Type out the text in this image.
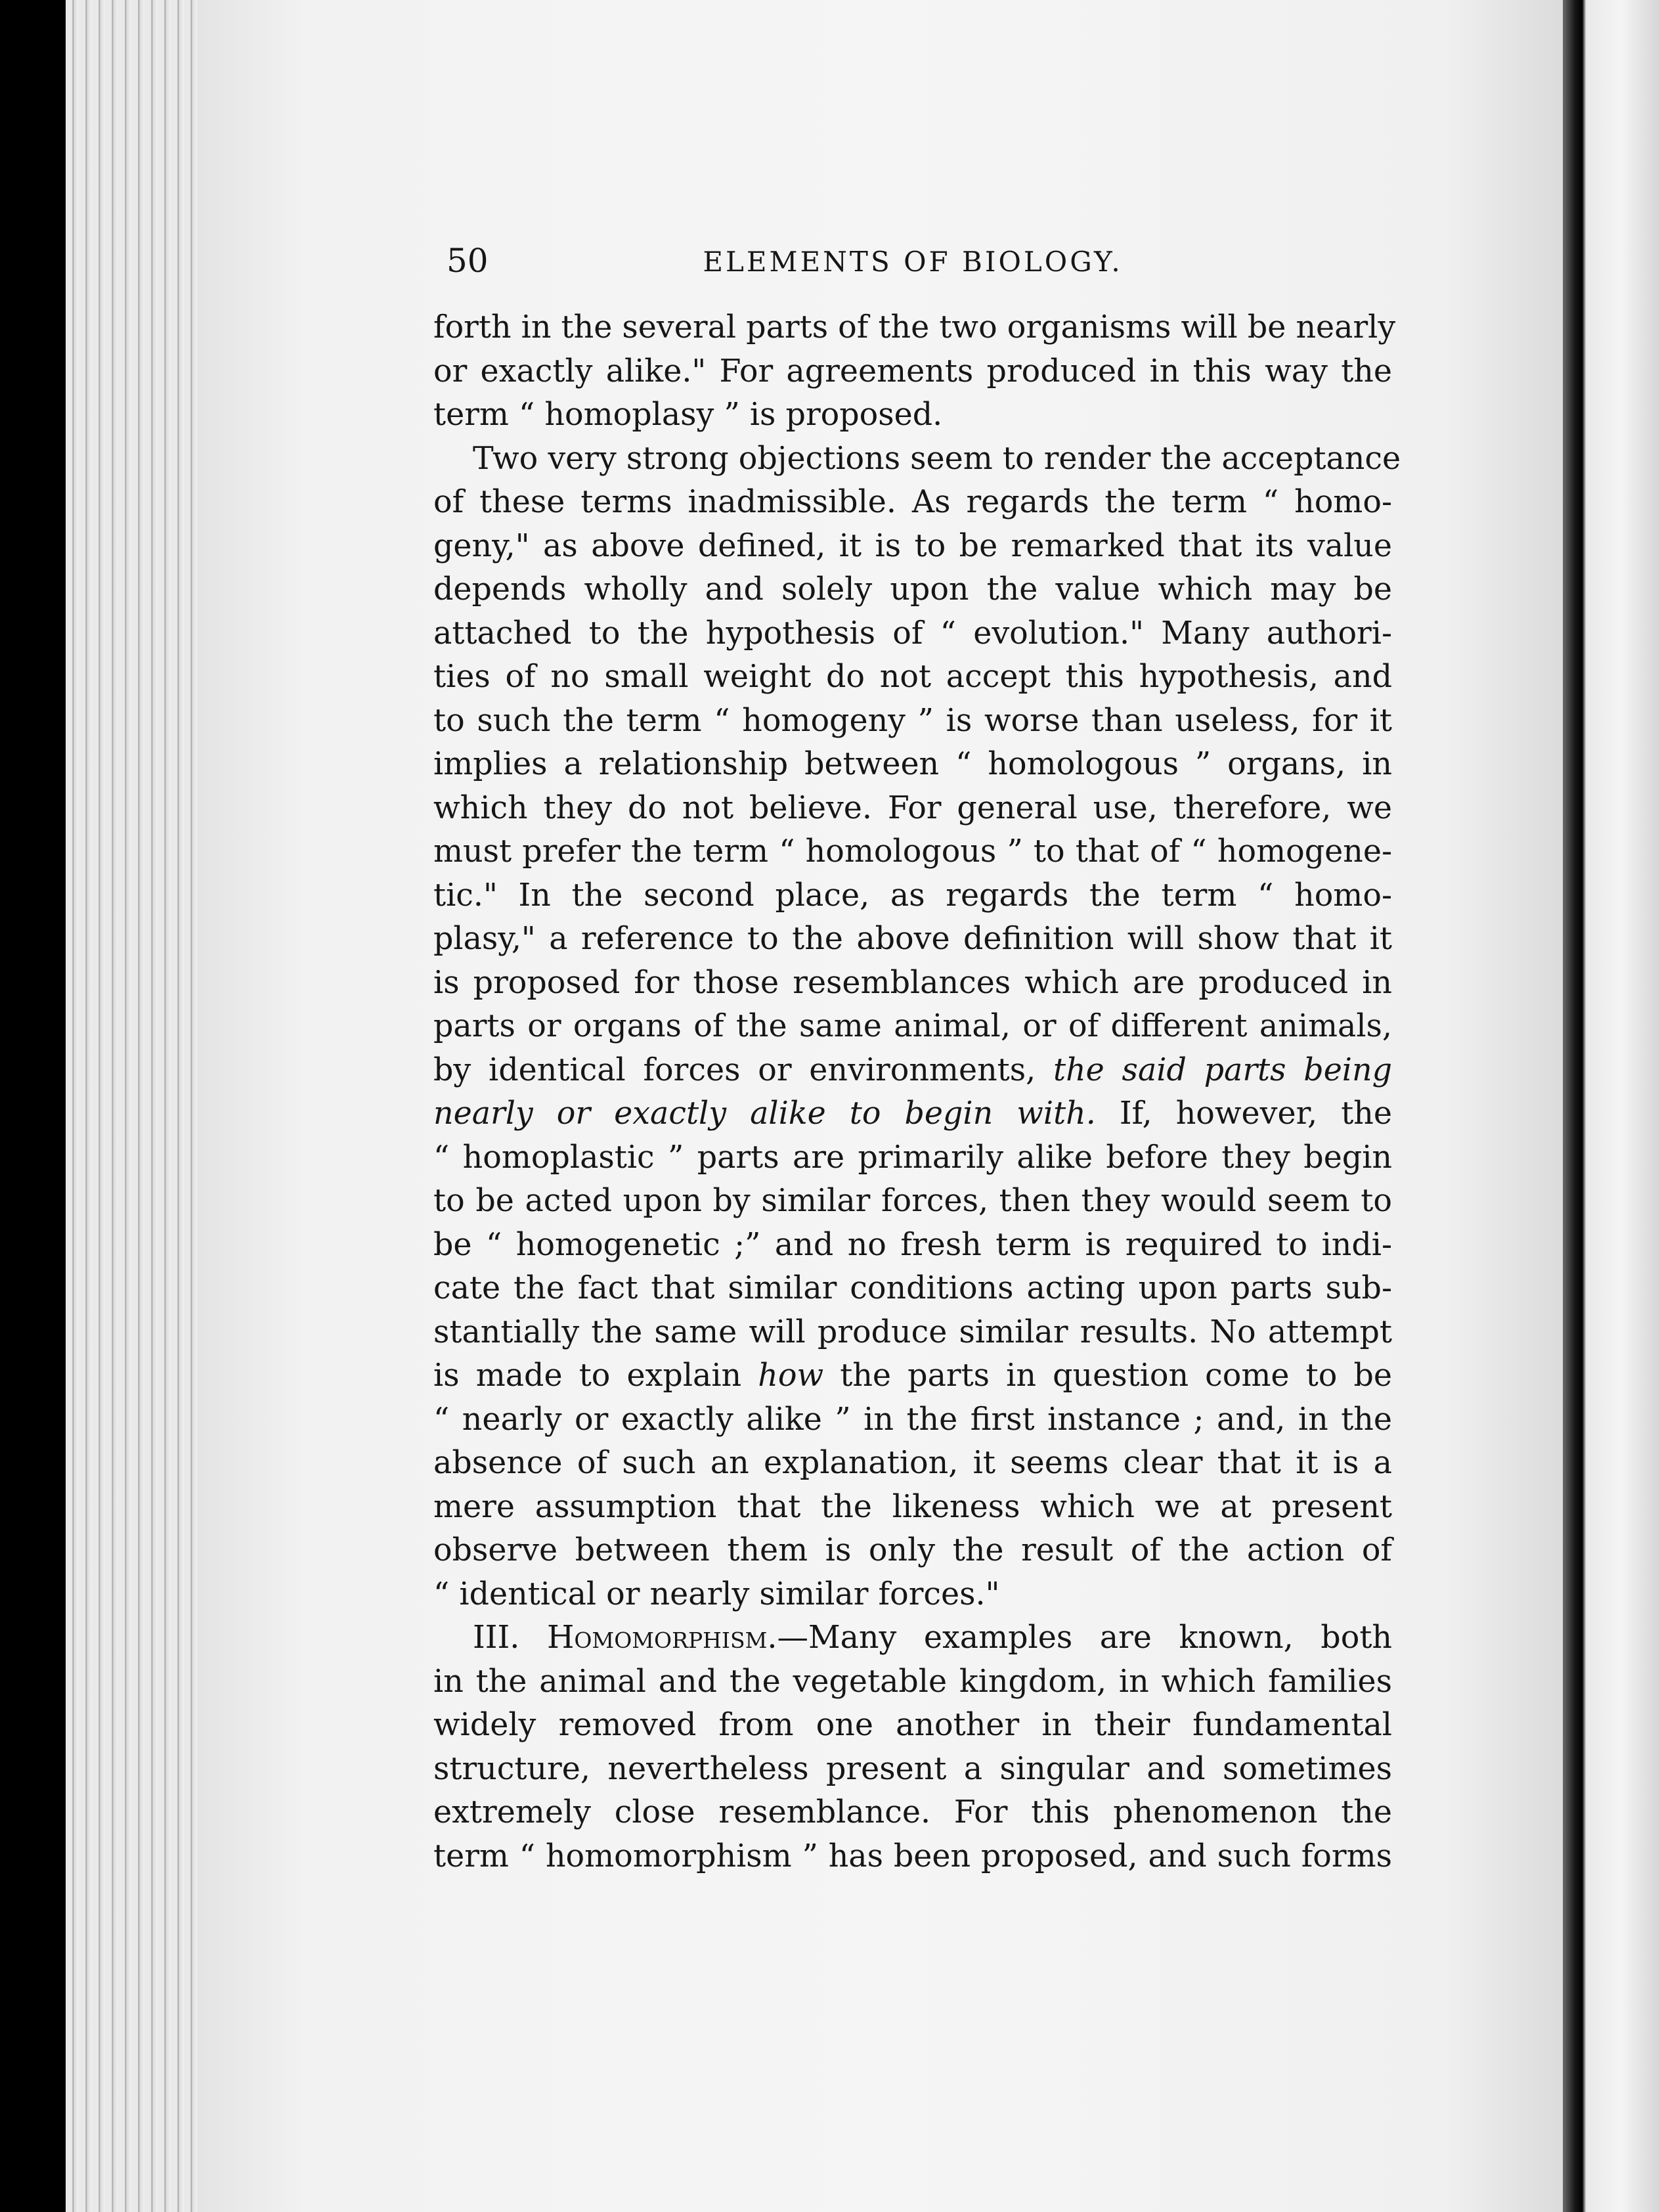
50	ELEMENTS OF BIOLOGY.
forth in the several parts of the two organisms will be nearly
or exactly alike." For agreements produced in this way the
term “ homoplasy ” is proposed.
Two very strong objections seem to render the acceptance
of these terms inadmissible. As regards the term “ homo-
geny," as above defined, it is to be remarked that its value
depends wholly and solely upon the value which may be
attached to the hypothesis of “ evolution." Many authori-
ties of no small weight do not accept this hypothesis, and
to such the term “ homogeny ” is worse than useless, for it
implies a relationship between “ homologous ” organs, in
which they do not believe. For general use, therefore, we
must prefer the term “ homologous ” to that of “ homogene-
tic." In the second place, as regards the term “ homo-
plasy," a reference to the above definition will show that it
is proposed for those resemblances which are produced in
parts or organs of the same animal, or of different animals,
by identical forces or environments, the said parts being
nearly or exactly alike to begin with. If, however, the
“ homoplastic ” parts are primarily alike before they begin
to be acted upon by similar forces, then they would seem to
be “ homogenetic ;” and no fresh term is required to indi-
cate the fact that similar conditions acting upon parts sub-
stantially the same will produce similar results. No attempt
is made to explain how the parts in question come to be
“ nearly or exactly alike ” in the first instance ; and, in the
absence of such an explanation, it seems clear that it is a
mere assumption that the likeness which we at present
observe between them is only the result of the action of
“ identical or nearly similar forces."
III. Homomorphism.—Many examples are known, both
in the animal and the vegetable kingdom, in which families
widely removed from one another in their fundamental
structure, nevertheless present a singular and sometimes
extremely close resemblance. For this phenomenon the
term “ homomorphism ” has been proposed, and such forms
